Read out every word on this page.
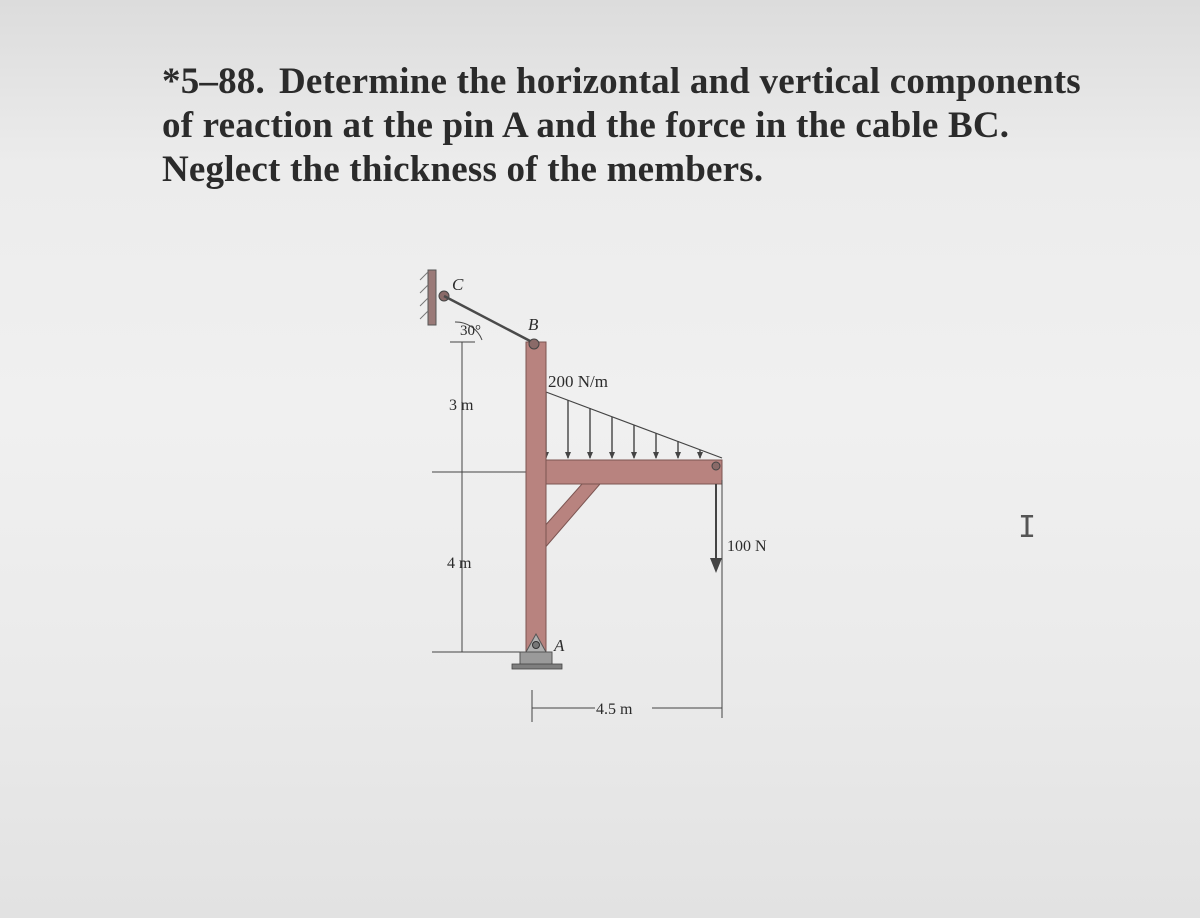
*5–88. Determine the horizontal and vertical components
of reaction at the pin A and the force in the cable BC.
Neglect the thickness of the members.
C
B
A
30°
200 N/m
3 m
4 m
4.5 m
100 N
I
